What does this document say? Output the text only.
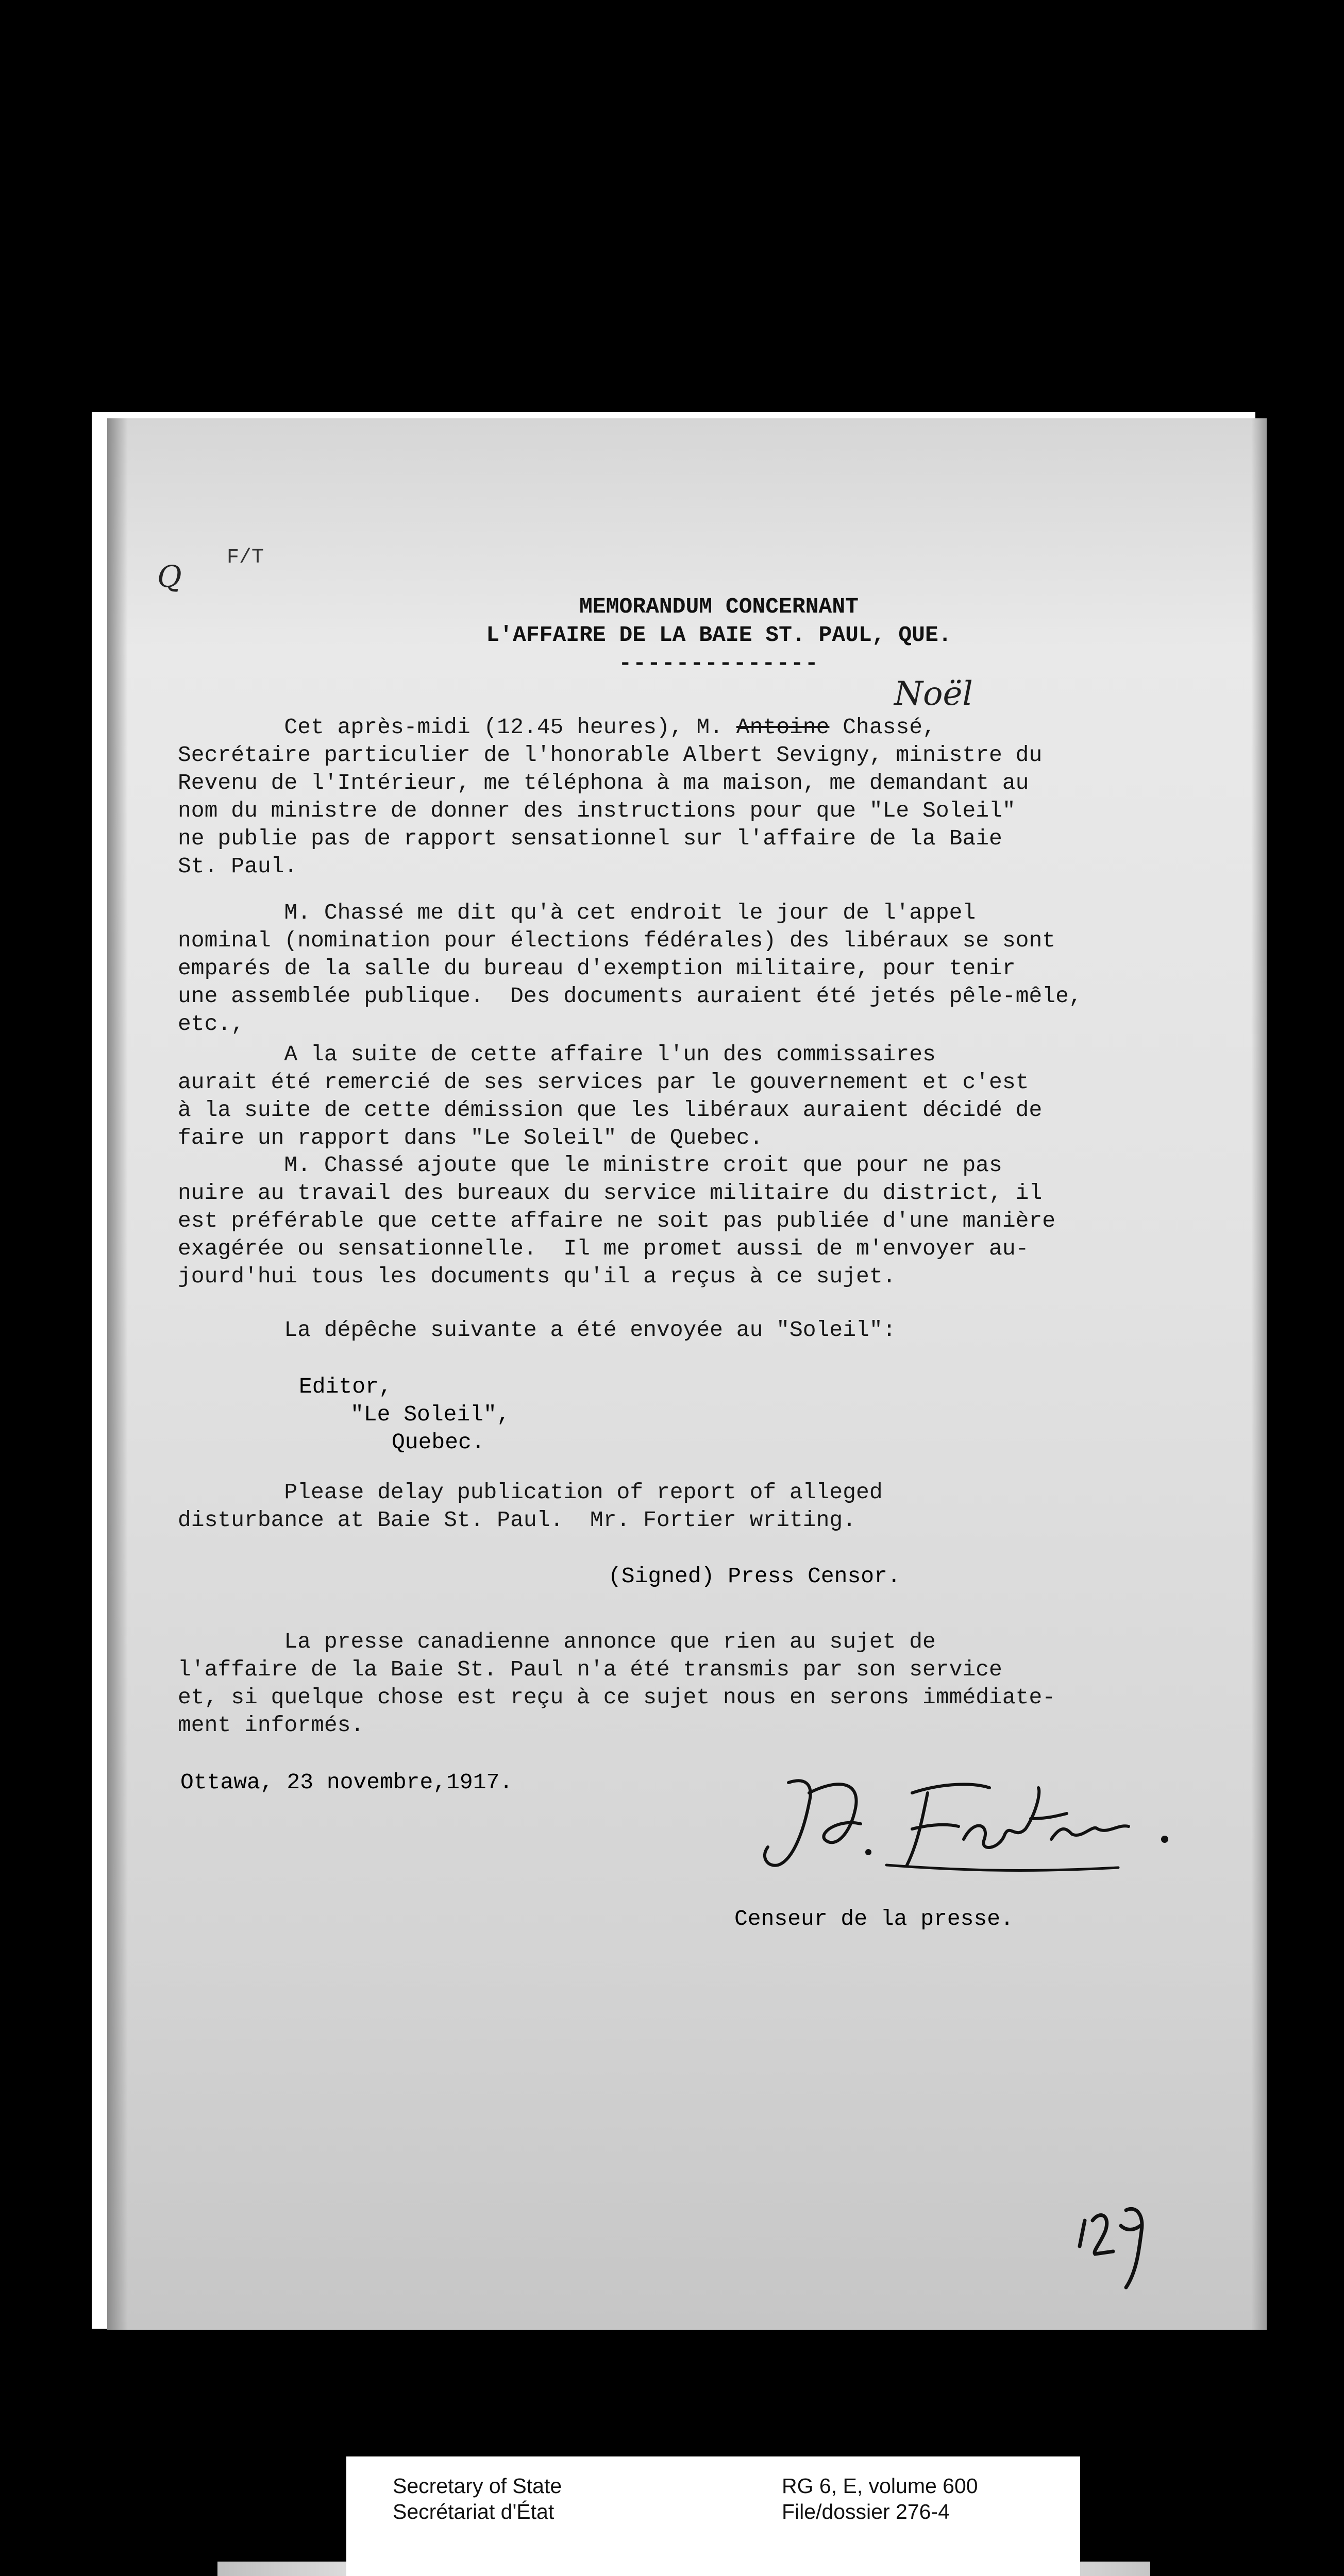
F/T
Q
MEMORANDUM CONCERNANT
L'AFFAIRE DE LA BAIE ST. PAUL, QUE.
--------------
Noël
Cet après-midi (12.45 heures), M. Antoine Chassé,
Secrétaire particulier de l'honorable Albert Sevigny, ministre du
Revenu de l'Intérieur, me téléphona à ma maison, me demandant au
nom du ministre de donner des instructions pour que "Le Soleil"
ne publie pas de rapport sensationnel sur l'affaire de la Baie
St. Paul.
M. Chassé me dit qu'à cet endroit le jour de l'appel
nominal (nomination pour élections fédérales) des libéraux se sont
emparés de la salle du bureau d'exemption militaire, pour tenir
une assemblée publique.  Des documents auraient été jetés pêle-mêle,
etc.,
A la suite de cette affaire l'un des commissaires
aurait été remercié de ses services par le gouvernement et c'est
à la suite de cette démission que les libéraux auraient décidé de
faire un rapport dans "Le Soleil" de Quebec.
M. Chassé ajoute que le ministre croit que pour ne pas
nuire au travail des bureaux du service militaire du district, il
est préférable que cette affaire ne soit pas publiée d'une manière
exagérée ou sensationnelle.  Il me promet aussi de m'envoyer au-
jourd'hui tous les documents qu'il a reçus à ce sujet.
La dépêche suivante a été envoyée au "Soleil":
Editor,
"Le Soleil",
Quebec.
Please delay publication of report of alleged
disturbance at Baie St. Paul.  Mr. Fortier writing.
(Signed) Press Censor.
La presse canadienne annonce que rien au sujet de
l'affaire de la Baie St. Paul n'a été transmis par son service
et, si quelque chose est reçu à ce sujet nous en serons immédiate-
ment informés.
Ottawa, 23 novembre,1917.
Censeur de la presse.
Secretary of State
Secrétariat d'État
RG 6, E, volume 600
File/dossier 276-4
